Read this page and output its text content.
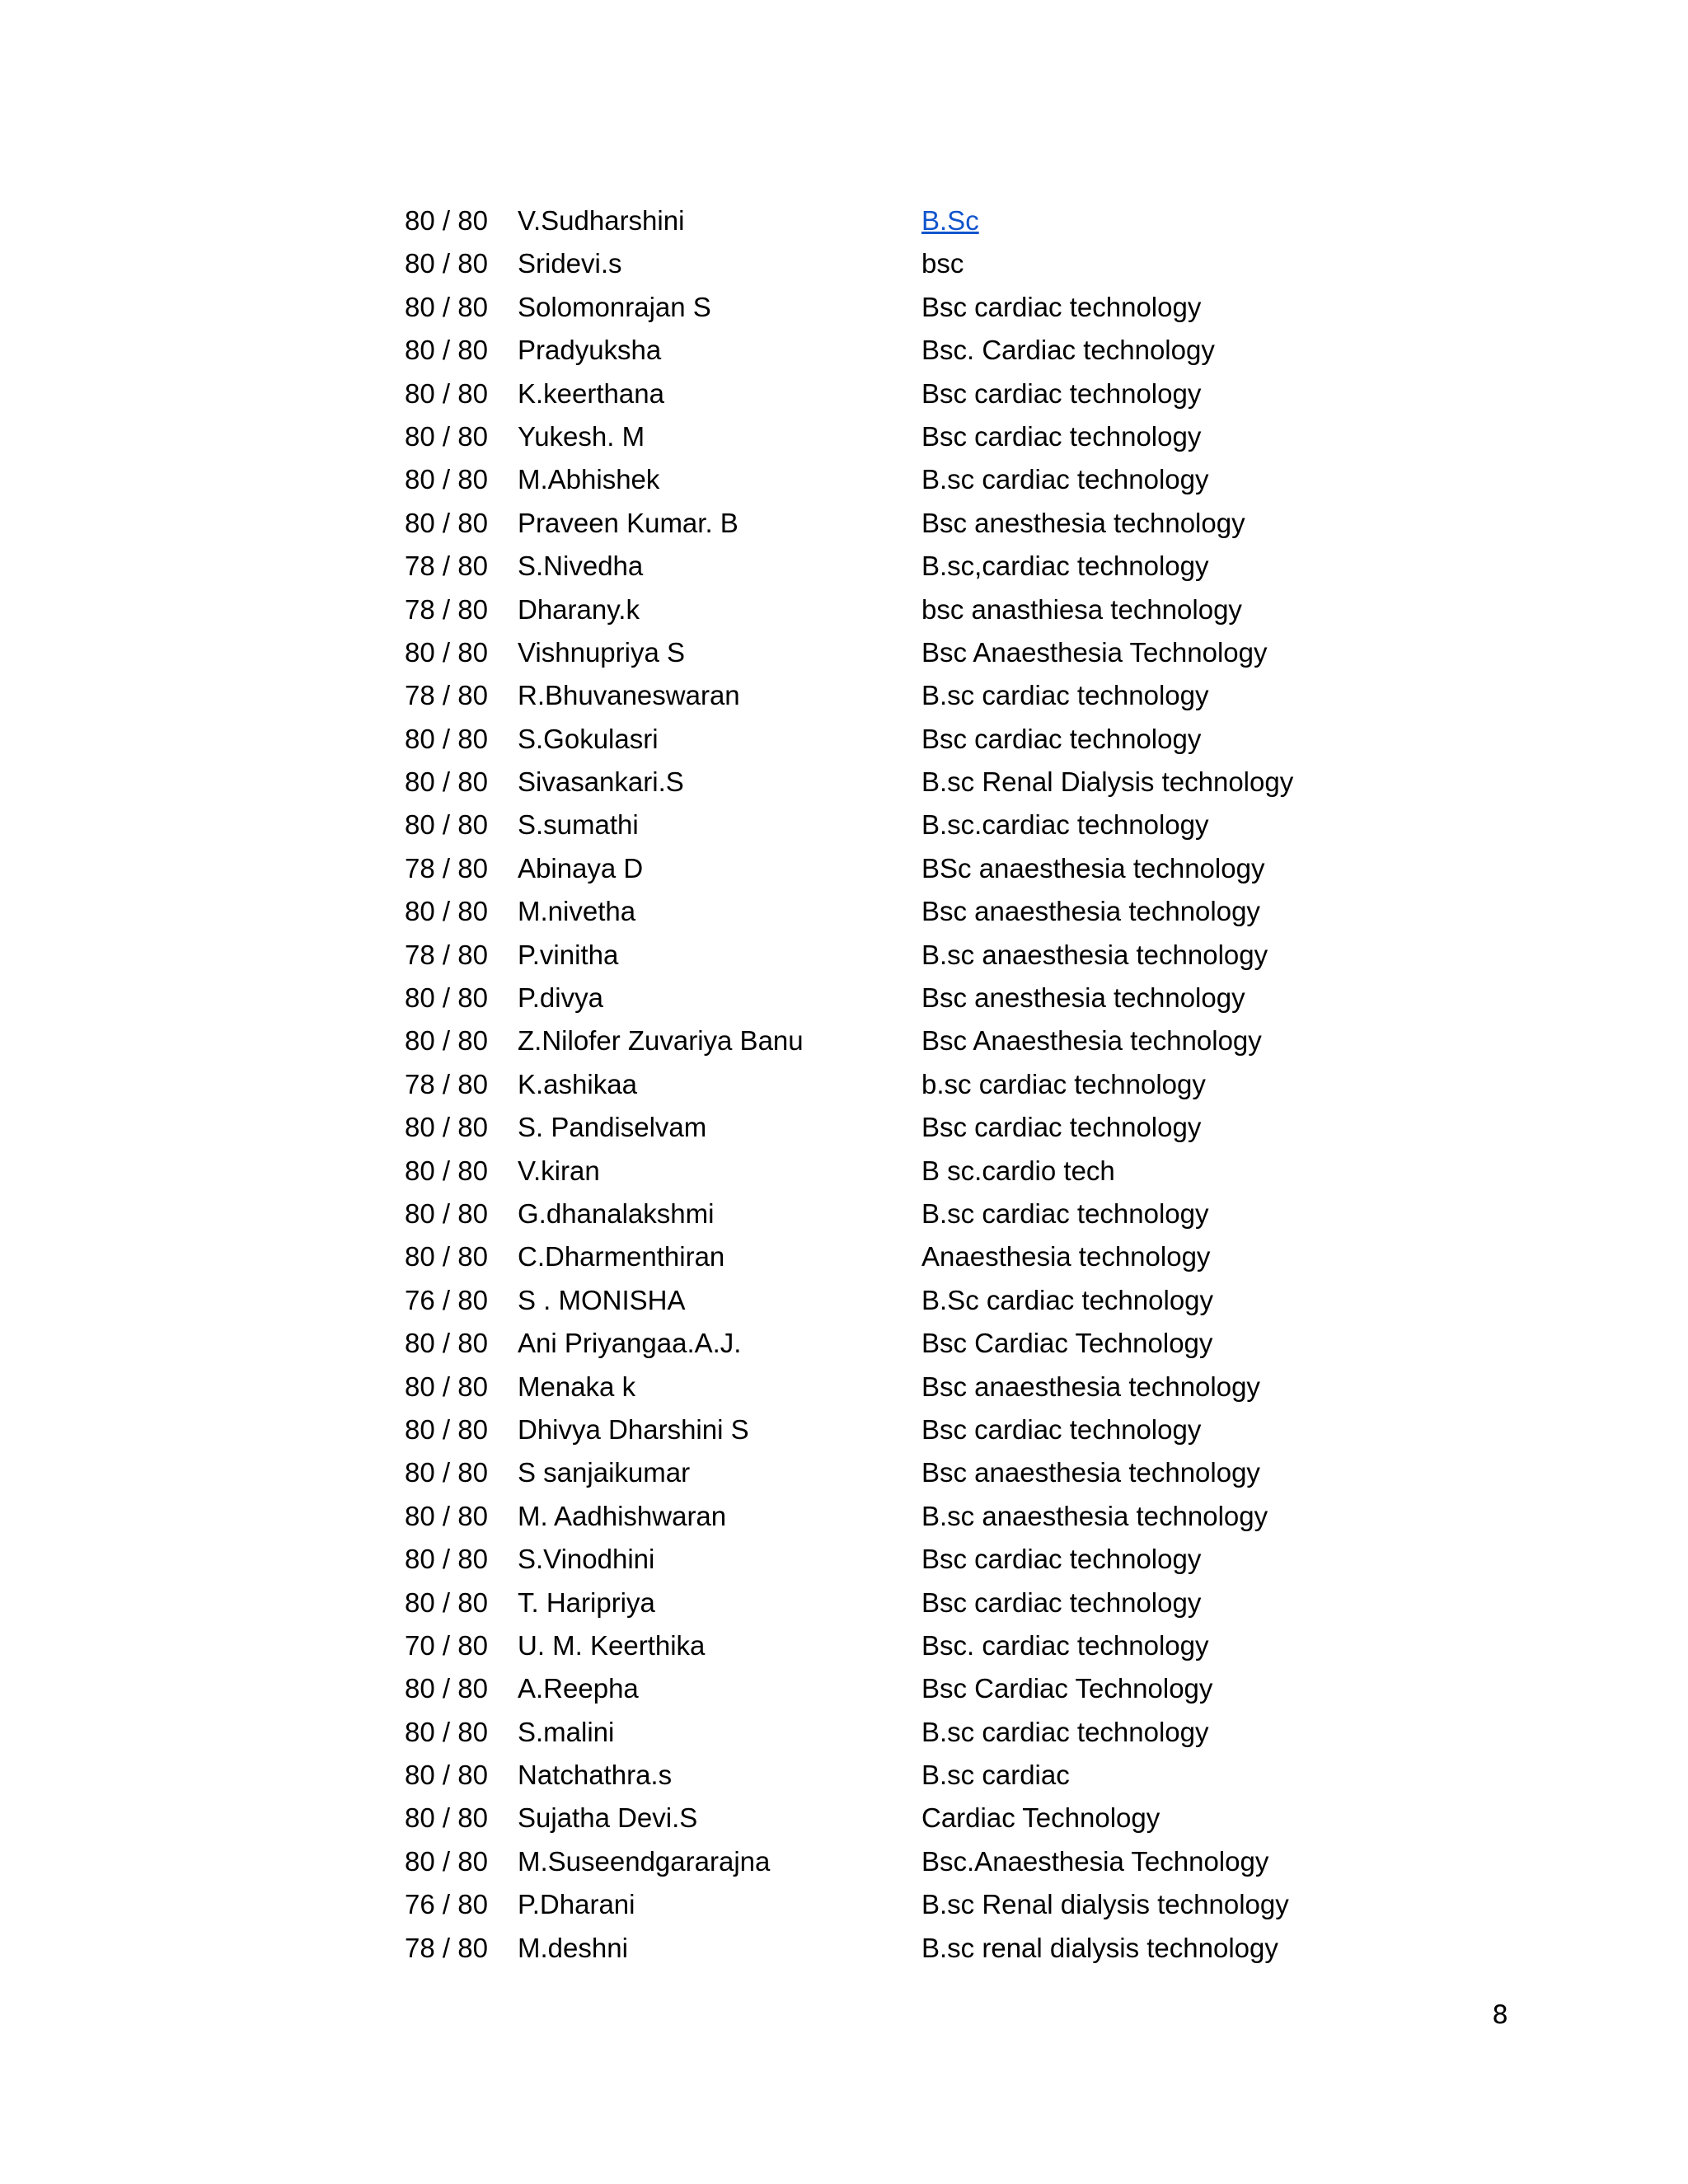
80 / 80	V.Sudharshini	B.Sc
80 / 80	Sridevi.s	bsc
80 / 80	Solomonrajan S	Bsc cardiac technology
80 / 80	Pradyuksha	Bsc. Cardiac technology
80 / 80	K.keerthana	Bsc cardiac technology
80 / 80	Yukesh. M	Bsc cardiac technology
80 / 80	M.Abhishek	B.sc cardiac technology
80 / 80	Praveen Kumar. B	Bsc anesthesia technology
78 / 80	S.Nivedha	B.sc,cardiac technology
78 / 80	Dharany.k	bsc anasthiesa technology
80 / 80	Vishnupriya S	Bsc Anaesthesia Technology
78 / 80	R.Bhuvaneswaran	B.sc cardiac technology
80 / 80	S.Gokulasri	Bsc cardiac technology
80 / 80	Sivasankari.S	B.sc Renal Dialysis technology
80 / 80	S.sumathi	B.sc.cardiac technology
78 / 80	Abinaya D	BSc anaesthesia technology
80 / 80	M.nivetha	Bsc anaesthesia technology
78 / 80	P.vinitha	B.sc anaesthesia technology
80 / 80	P.divya	Bsc anesthesia technology
80 / 80	Z.Nilofer Zuvariya Banu	Bsc Anaesthesia technology
78 / 80	K.ashikaa	b.sc cardiac technology
80 / 80	S. Pandiselvam	Bsc cardiac technology
80 / 80	V.kiran	B sc.cardio tech
80 / 80	G.dhanalakshmi	B.sc cardiac technology
80 / 80	C.Dharmenthiran	Anaesthesia technology
76 / 80	S . MONISHA	B.Sc cardiac technology
80 / 80	Ani Priyangaa.A.J.	Bsc Cardiac Technology
80 / 80	Menaka k	Bsc anaesthesia technology
80 / 80	Dhivya Dharshini S	Bsc cardiac technology
80 / 80	S sanjaikumar	Bsc anaesthesia technology
80 / 80	M. Aadhishwaran	B.sc anaesthesia technology
80 / 80	S.Vinodhini	Bsc cardiac technology
80 / 80	T. Haripriya	Bsc cardiac technology
70 / 80	U. M. Keerthika	Bsc. cardiac technology
80 / 80	A.Reepha	Bsc Cardiac Technology
80 / 80	S.malini	B.sc cardiac technology
80 / 80	Natchathra.s	B.sc cardiac
80 / 80	Sujatha Devi.S	Cardiac Technology
80 / 80	M.Suseendgararajna	Bsc.Anaesthesia Technology
76 / 80	P.Dharani	B.sc Renal dialysis technology
78 / 80	M.deshni	B.sc renal dialysis technology
8
